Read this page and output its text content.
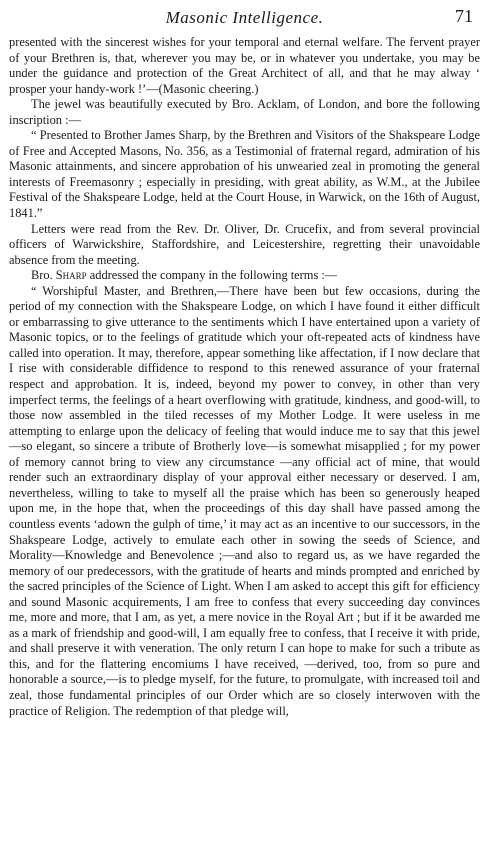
Masonic Intelligence.	71

presented with the sincerest wishes for your temporal and eternal welfare. The fervent prayer of your Brethren is, that, wherever you may be, or in whatever you undertake, you may be under the guidance and protection of the Great Architect of all, and that he may alway ‘ prosper your handy-work !’—(Masonic cheering.)

The jewel was beautifully executed by Bro. Acklam, of London, and bore the following inscription :—

“ Presented to Brother James Sharp, by the Brethren and Visitors of the Shakspeare Lodge of Free and Accepted Masons, No. 356, as a Testimonial of fraternal regard, admiration of his Masonic attainments, and sincere approbation of his unwearied zeal in promoting the general interests of Freemasonry ; especially in presiding, with great ability, as W.M., at the Jubilee Festival of the Shakspeare Lodge, held at the Court House, in Warwick, on the 16th of August, 1841.”

Letters were read from the Rev. Dr. Oliver, Dr. Crucefix, and from several provincial officers of Warwickshire, Staffordshire, and Leicestershire, regretting their unavoidable absence from the meeting.

Bro. Sharp addressed the company in the following terms :—

“ Worshipful Master, and Brethren,—There have been but few occasions, during the period of my connection with the Shakspeare Lodge, on which I have found it either difficult or embarrassing to give utterance to the sentiments which I have entertained upon a variety of Masonic topics, or to the feelings of gratitude which your oft-repeated acts of kindness have called into operation. It may, therefore, appear something like affectation, if I now declare that I rise with considerable diffidence to respond to this renewed assurance of your fraternal respect and approbation. It is, indeed, beyond my power to convey, in other than very imperfect terms, the feelings of a heart overflowing with gratitude, kindness, and good-will, to those now assembled in the tiled recesses of my Mother Lodge. It were useless in me attempting to enlarge upon the delicacy of feeling that would induce me to say that this jewel—so elegant, so sincere a tribute of Brotherly love—is somewhat misapplied ; for my power of memory cannot bring to view any circumstance —any official act of mine, that would render such an extraordinary display of your approval either necessary or deserved. I am, nevertheless, willing to take to myself all the praise which has been so generously heaped upon me, in the hope that, when the proceedings of this day shall have passed among the countless events ‘adown the gulph of time,’ it may act as an incentive to our successors, in the Shakspeare Lodge, actively to emulate each other in sowing the seeds of Science, and Morality—Knowledge and Benevolence ;—and also to regard us, as we have regarded the memory of our predecessors, with the gratitude of hearts and minds prompted and enriched by the sacred principles of the Science of Light. When I am asked to accept this gift for efficiency and sound Masonic acquirements, I am free to confess that every succeeding day convinces me, more and more, that I am, as yet, a mere novice in the Royal Art ; but if it be awarded me as a mark of friendship and good-will, I am equally free to confess, that I receive it with pride, and shall preserve it with veneration. The only return I can hope to make for such a tribute as this, and for the flattering encomiums I have received, —derived, too, from so pure and honorable a source,—is to pledge myself, for the future, to promulgate, with increased toil and zeal, those fundamental principles of our Order which are so closely interwoven with the practice of Religion. The redemption of that pledge will,
